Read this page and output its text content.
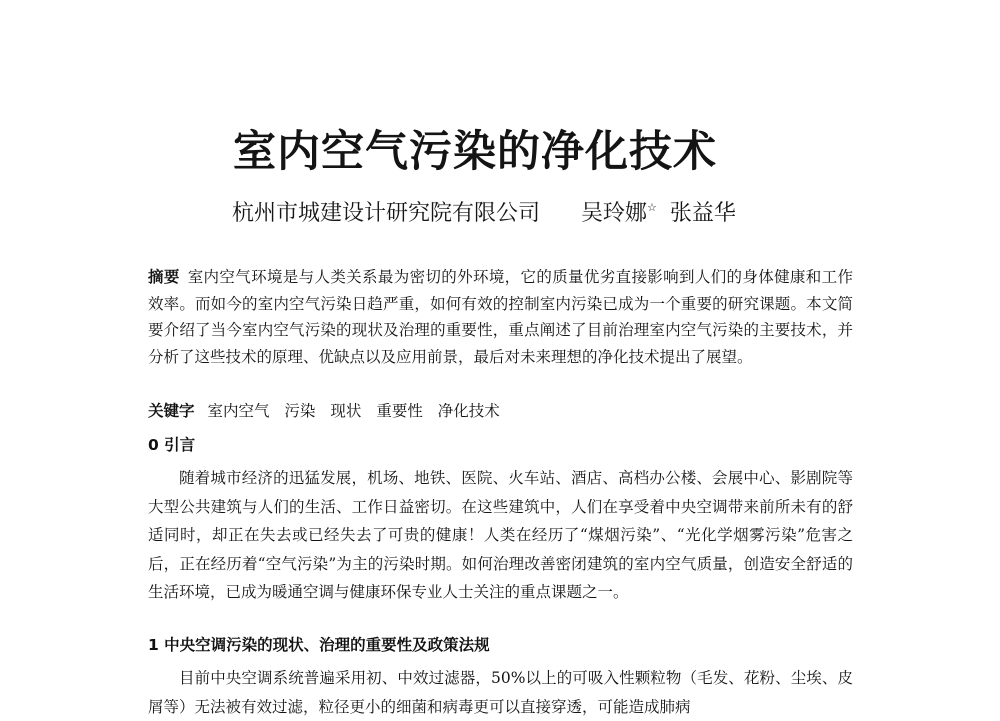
室内空气污染的净化技术
杭州市城建设计研究院有限公司 吴玲娜☆ 张益华
摘要 室内空气环境是与人类关系最为密切的外环境，它的质量优劣直接影响到人们的身体健康和工作效率。而如今的室内空气污染日趋严重，如何有效的控制室内污染已成为一个重要的研究课题。本文简要介绍了当今室内空气污染的现状及治理的重要性，重点阐述了目前治理室内空气污染的主要技术，并分析了这些技术的原理、优缺点以及应用前景，最后对未来理想的净化技术提出了展望。
关键字 室内空气 污染 现状 重要性 净化技术
0 引言
随着城市经济的迅猛发展，机场、地铁、医院、火车站、酒店、高档办公楼、会展中心、影剧院等大型公共建筑与人们的生活、工作日益密切。在这些建筑中，人们在享受着中央空调带来前所未有的舒适同时，却正在失去或已经失去了可贵的健康！人类在经历了“煤烟污染”、“光化学烟雾污染”危害之后，正在经历着“空气污染”为主的污染时期。如何治理改善密闭建筑的室内空气质量，创造安全舒适的生活环境，已成为暖通空调与健康环保专业人士关注的重点课题之一。
1 中央空调污染的现状、治理的重要性及政策法规
目前中央空调系统普遍采用初、中效过滤器，50%以上的可吸入性颗粒物（毛发、花粉、尘埃、皮屑等）无法被有效过滤，粒径更小的细菌和病毒更可以直接穿透，可能造成肺病
